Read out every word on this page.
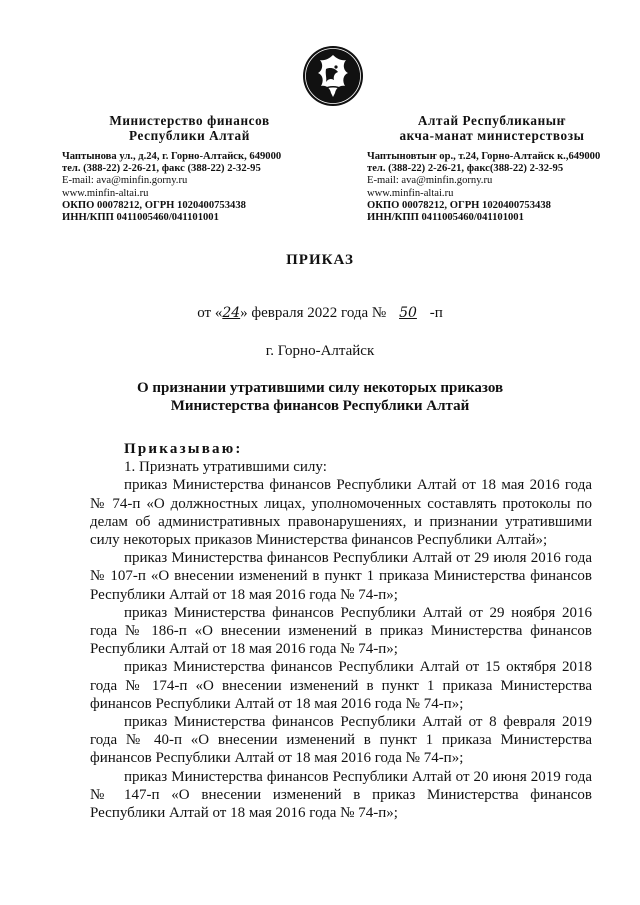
Министерство финансов
Республики Алтай
Чаптынова ул., д.24, г. Горно-Алтайск, 649000
тел. (388-22) 2-26-21, факс (388-22) 2-32-95
E-mail: ava@minfin.gorny.ru
www.minfin-altai.ru
ОКПО 00078212, ОГРН 1020400753438
ИНН/КПП 0411005460/041101001
Алтай Республиканыҥ
акча-манат министерствозы
Чаптыновтыҥ ор., т.24, Горно-Алтайск к.,649000
тел. (388-22) 2-26-21, факс(388-22) 2-32-95
E-mail: ava@minfin.gorny.ru
www.minfin-altai.ru
ОКПО 00078212, ОГРН 1020400753438
ИНН/КПП 0411005460/041101001
ПРИКАЗ
от «24» февраля 2022 года № 50 -п
г. Горно-Алтайск
О признании утратившими силу некоторых приказов
Министерства финансов Республики Алтай

Приказываю:

1. Признать утратившими силу:

приказ Министерства финансов Республики Алтай от 18 мая 2016 года № 74-п «О должностных лицах, уполномоченных составлять протоколы по делам об административных правонарушениях, и признании утратившими силу некоторых приказов Министерства финансов Республики Алтай»;

приказ Министерства финансов Республики Алтай от 29 июля 2016 года № 107-п «О внесении изменений в пункт 1 приказа Министерства финансов Республики Алтай от 18 мая 2016 года № 74-п»;

приказ Министерства финансов Республики Алтай от 29 ноября 2016 года № 186-п «О внесении изменений в приказ Министерства финансов Республики Алтай от 18 мая 2016 года № 74-п»;

приказ Министерства финансов Республики Алтай от 15 октября 2018 года № 174-п «О внесении изменений в пункт 1 приказа Министерства финансов Республики Алтай от 18 мая 2016 года № 74-п»;

приказ Министерства финансов Республики Алтай от 8 февраля 2019 года № 40-п «О внесении изменений в пункт 1 приказа Министерства финансов Республики Алтай от 18 мая 2016 года № 74-п»;

приказ Министерства финансов Республики Алтай от 20 июня 2019 года № 147-п «О внесении изменений в приказ Министерства финансов Республики Алтай от 18 мая 2016 года № 74-п»;
